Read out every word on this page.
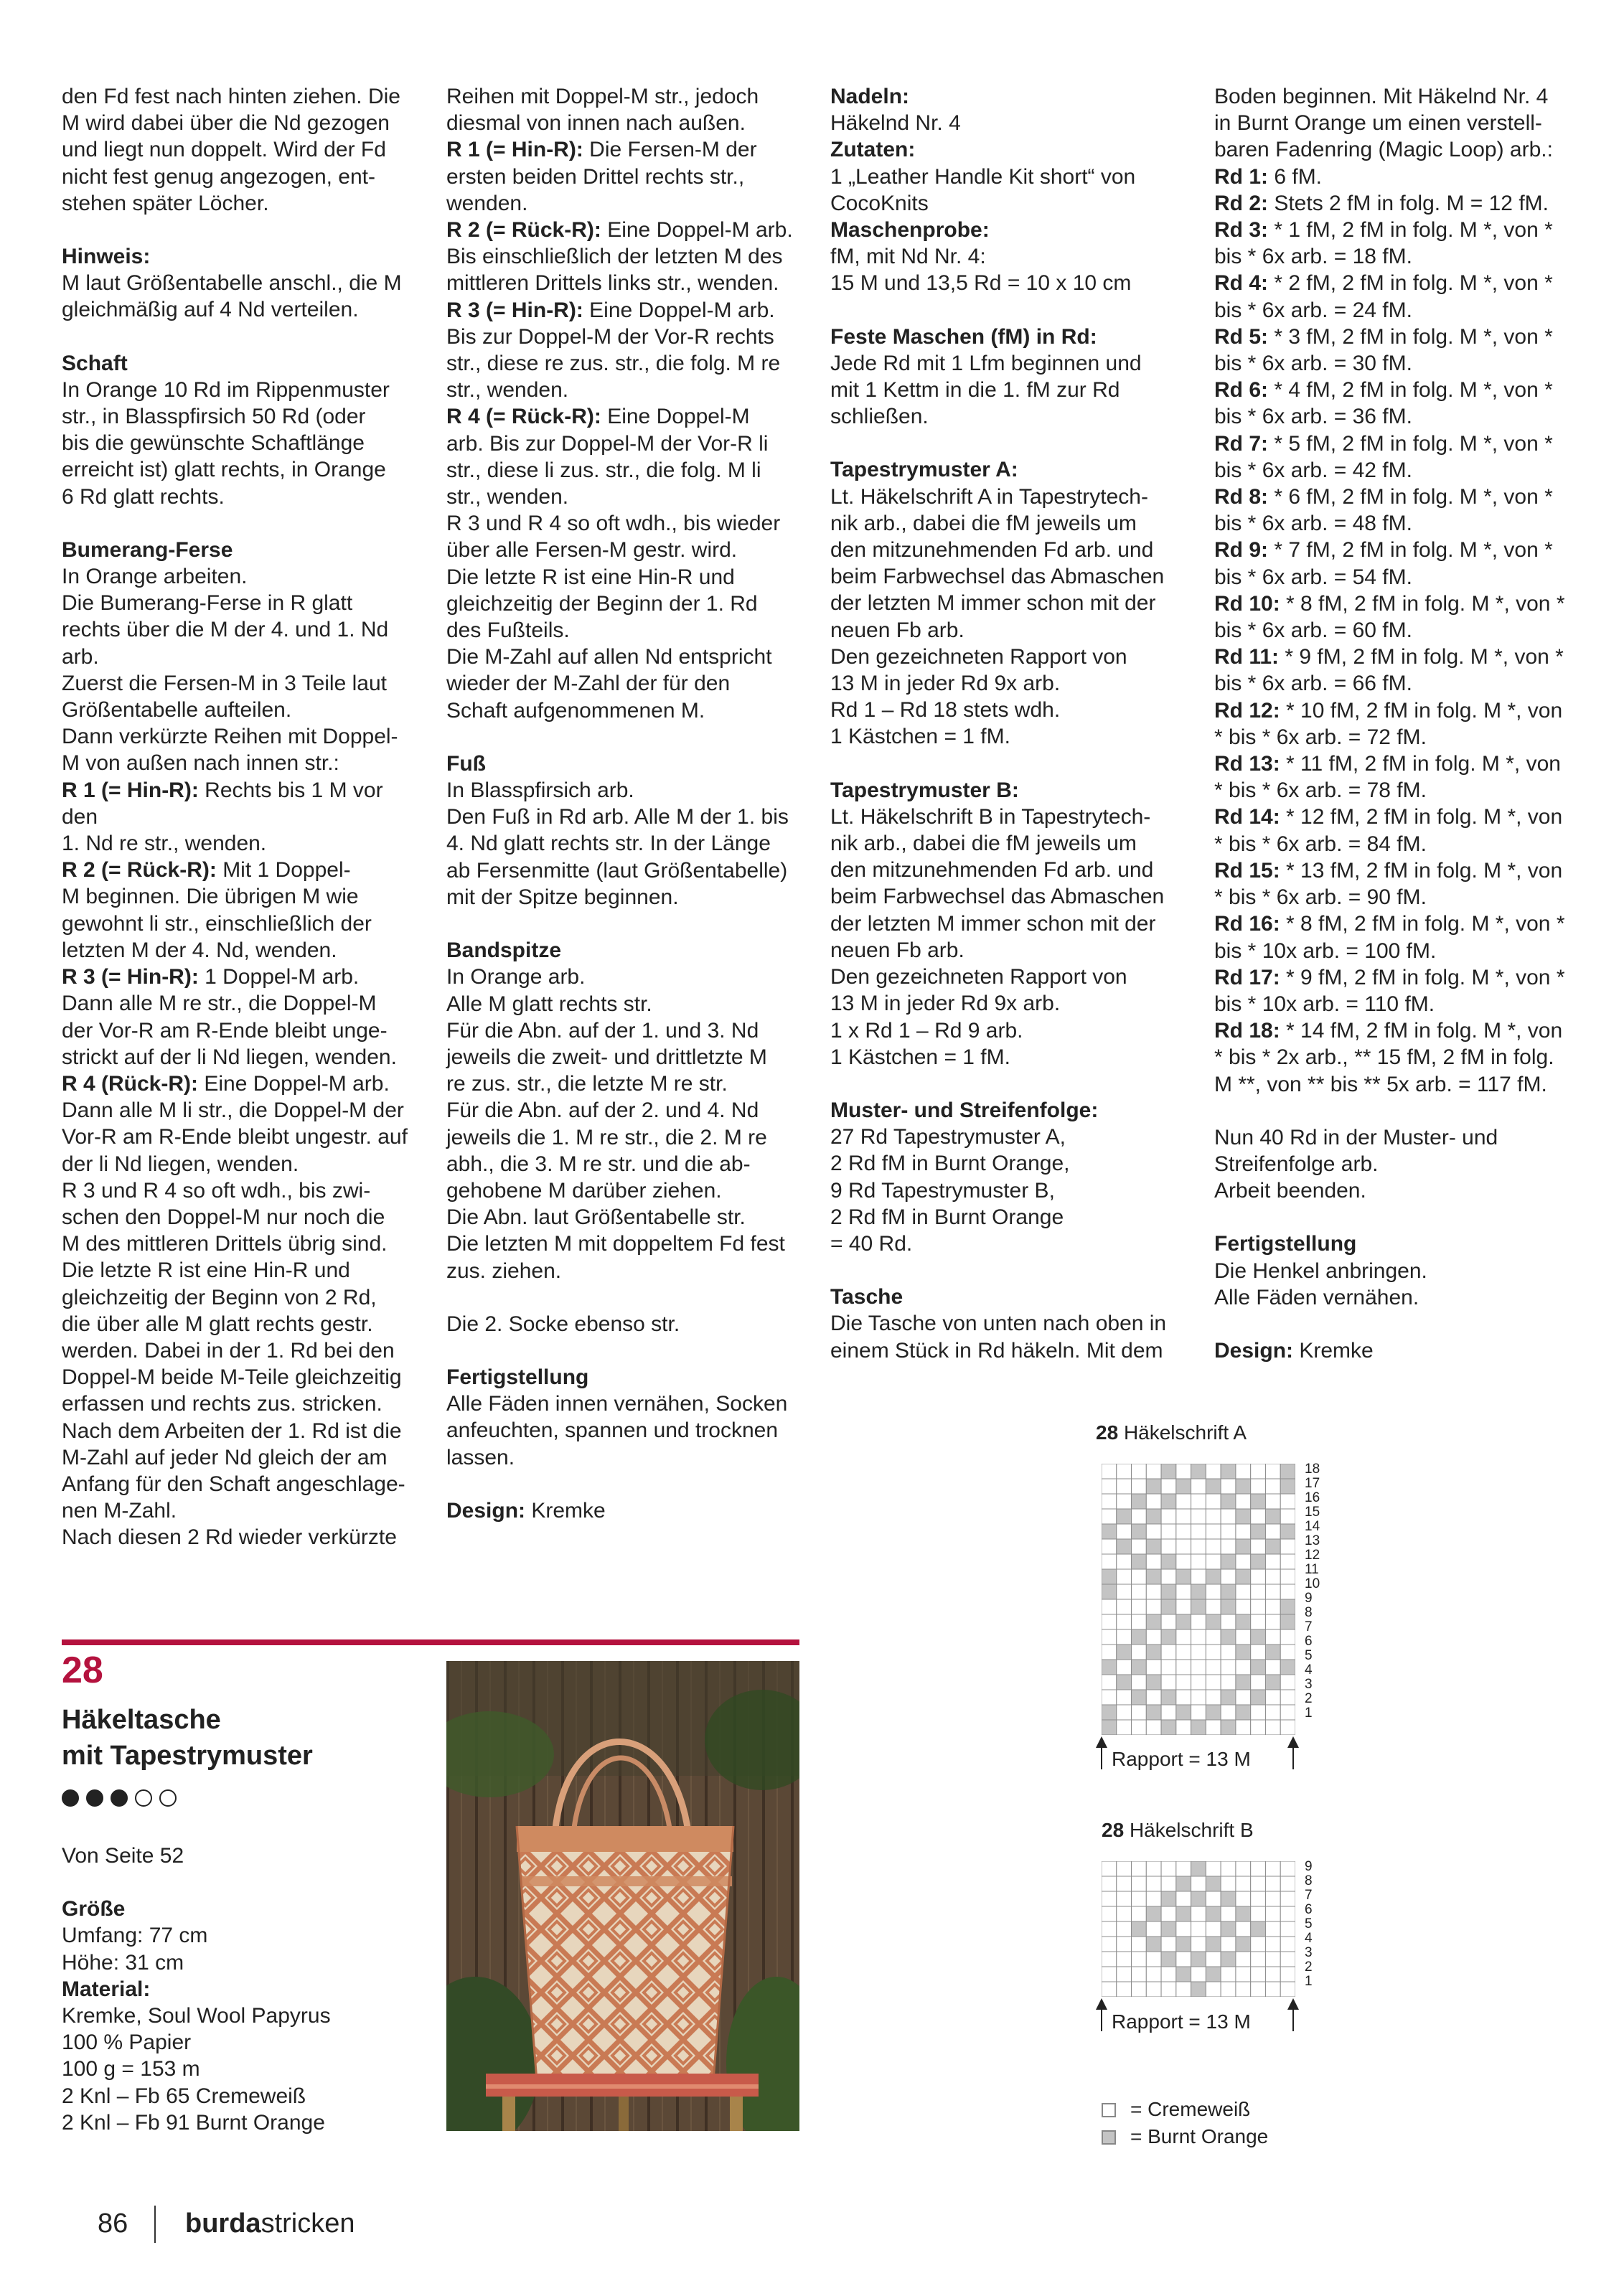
den Fd fest nach hinten ziehen. Die
M wird dabei über die Nd gezogen
und liegt nun doppelt. Wird der Fd
nicht fest genug angezogen, ent-
stehen später Löcher.
Hinweis:
M laut Größentabelle anschl., die M
gleichmäßig auf 4 Nd verteilen.
Schaft
In Orange 10 Rd im Rippenmuster
str., in Blasspfirsich 50 Rd (oder
bis die gewünschte Schaftlänge
erreicht ist) glatt rechts, in Orange
6 Rd glatt rechts.
Bumerang-Ferse
In Orange arbeiten.
Die Bumerang-Ferse in R glatt
rechts über die M der 4. und 1. Nd
arb.
Zuerst die Fersen-M in 3 Teile laut
Größentabelle aufteilen.
Dann verkürzte Reihen mit Doppel-
M von außen nach innen str.:
R 1 (= Hin-R): Rechts bis 1 M vor den
1. Nd re str., wenden.
R 2 (= Rück-R): Mit 1 Doppel-
M beginnen. Die übrigen M wie
gewohnt li str., einschließlich der
letzten M der 4. Nd, wenden.
R 3 (= Hin-R): 1 Doppel-M arb.
Dann alle M re str., die Doppel-M
der Vor-R am R-Ende bleibt unge-
strickt auf der li Nd liegen, wenden.
R 4 (Rück-R): Eine Doppel-M arb.
Dann alle M li str., die Doppel-M der
Vor-R am R-Ende bleibt ungestr. auf
der li Nd liegen, wenden.
R 3 und R 4 so oft wdh., bis zwi-
schen den Doppel-M nur noch die
M des mittleren Drittels übrig sind.
Die letzte R ist eine Hin-R und
gleichzeitig der Beginn von 2 Rd,
die über alle M glatt rechts gestr.
werden. Dabei in der 1. Rd bei den
Doppel-M beide M-Teile gleichzeitig
erfassen und rechts zus. stricken.
Nach dem Arbeiten der 1. Rd ist die
M-Zahl auf jeder Nd gleich der am
Anfang für den Schaft angeschlage-
nen M-Zahl.
Nach diesen 2 Rd wieder verkürzte
Reihen mit Doppel-M str., jedoch
diesmal von innen nach außen.
R 1 (= Hin-R): Die Fersen-M der
ersten beiden Drittel rechts str.,
wenden.
R 2 (= Rück-R): Eine Doppel-M arb.
Bis einschließlich der letzten M des
mittleren Drittels links str., wenden.
R 3 (= Hin-R): Eine Doppel-M arb.
Bis zur Doppel-M der Vor-R rechts
str., diese re zus. str., die folg. M re
str., wenden.
R 4 (= Rück-R): Eine Doppel-M
arb. Bis zur Doppel-M der Vor-R li
str., diese li zus. str., die folg. M li
str., wenden.
R 3 und R 4 so oft wdh., bis wieder
über alle Fersen-M gestr. wird.
Die letzte R ist eine Hin-R und
gleichzeitig der Beginn der 1. Rd
des Fußteils.
Die M-Zahl auf allen Nd entspricht
wieder der M-Zahl der für den
Schaft aufgenommenen M.
Fuß
In Blasspfirsich arb.
Den Fuß in Rd arb. Alle M der 1. bis
4. Nd glatt rechts str. In der Länge
ab Fersenmitte (laut Größentabelle)
mit der Spitze beginnen.
Bandspitze
In Orange arb.
Alle M glatt rechts str.
Für die Abn. auf der 1. und 3. Nd
jeweils die zweit- und drittletzte M
re zus. str., die letzte M re str.
Für die Abn. auf der 2. und 4. Nd
jeweils die 1. M re str., die 2. M re
abh., die 3. M re str. und die ab-
gehobene M darüber ziehen.
Die Abn. laut Größentabelle str.
Die letzten M mit doppeltem Fd fest
zus. ziehen.
Die 2. Socke ebenso str.
Fertigstellung
Alle Fäden innen vernähen, Socken
anfeuchten, spannen und trocknen
lassen.
Design: Kremke
Nadeln:
Häkelnd Nr. 4
Zutaten:
1 „Leather Handle Kit short“ von
CocoKnits
Maschenprobe:
fM, mit Nd Nr. 4:
15 M und 13,5 Rd = 10 x 10 cm
Feste Maschen (fM) in Rd:
Jede Rd mit 1 Lfm beginnen und
mit 1 Kettm in die 1. fM zur Rd
schließen.
Tapestrymuster A:
Lt. Häkelschrift A in Tapestrytech-
nik arb., dabei die fM jeweils um
den mitzunehmenden Fd arb. und
beim Farbwechsel das Abmaschen
der letzten M immer schon mit der
neuen Fb arb.
Den gezeichneten Rapport von
13 M in jeder Rd 9x arb.
Rd 1 – Rd 18 stets wdh.
1 Kästchen = 1 fM.
Tapestrymuster B:
Lt. Häkelschrift B in Tapestrytech-
nik arb., dabei die fM jeweils um
den mitzunehmenden Fd arb. und
beim Farbwechsel das Abmaschen
der letzten M immer schon mit der
neuen Fb arb.
Den gezeichneten Rapport von
13 M in jeder Rd 9x arb.
1 x Rd 1 – Rd 9 arb.
1 Kästchen = 1 fM.
Muster- und Streifenfolge:
27 Rd Tapestrymuster A,
2 Rd fM in Burnt Orange,
9 Rd Tapestrymuster B,
2 Rd fM in Burnt Orange
= 40 Rd.
Tasche
Die Tasche von unten nach oben in
einem Stück in Rd häkeln. Mit dem
Boden beginnen. Mit Häkelnd Nr. 4
in Burnt Orange um einen verstell-
baren Fadenring (Magic Loop) arb.:
Rd 1: 6 fM.
Rd 2: Stets 2 fM in folg. M = 12 fM.
Rd 3: * 1 fM, 2 fM in folg. M *, von *
bis * 6x arb. = 18 fM.
Rd 4: * 2 fM, 2 fM in folg. M *, von *
bis * 6x arb. = 24 fM.
Rd 5: * 3 fM, 2 fM in folg. M *, von *
bis * 6x arb. = 30 fM.
Rd 6: * 4 fM, 2 fM in folg. M *, von *
bis * 6x arb. = 36 fM.
Rd 7: * 5 fM, 2 fM in folg. M *, von *
bis * 6x arb. = 42 fM.
Rd 8: * 6 fM, 2 fM in folg. M *, von *
bis * 6x arb. = 48 fM.
Rd 9: * 7 fM, 2 fM in folg. M *, von *
bis * 6x arb. = 54 fM.
Rd 10: * 8 fM, 2 fM in folg. M *, von *
bis * 6x arb. = 60 fM.
Rd 11: * 9 fM, 2 fM in folg. M *, von *
bis * 6x arb. = 66 fM.
Rd 12: * 10 fM, 2 fM in folg. M *, von
* bis * 6x arb. = 72 fM.
Rd 13: * 11 fM, 2 fM in folg. M *, von
* bis * 6x arb. = 78 fM.
Rd 14: * 12 fM, 2 fM in folg. M *, von
* bis * 6x arb. = 84 fM.
Rd 15: * 13 fM, 2 fM in folg. M *, von
* bis * 6x arb. = 90 fM.
Rd 16: * 8 fM, 2 fM in folg. M *, von *
bis * 10x arb. = 100 fM.
Rd 17: * 9 fM, 2 fM in folg. M *, von *
bis * 10x arb. = 110 fM.
Rd 18: * 14 fM, 2 fM in folg. M *, von
* bis * 2x arb., ** 15 fM, 2 fM in folg.
M **, von ** bis ** 5x arb. = 117 fM.
Nun 40 Rd in der Muster- und
Streifenfolge arb.
Arbeit beenden.
Fertigstellung
Die Henkel anbringen.
Alle Fäden vernähen.
Design: Kremke
28
Häkeltasche
mit Tapestrymuster
Von Seite 52
Größe
Umfang: 77 cm
Höhe: 31 cm
Material:
Kremke, Soul Wool Papyrus
100 % Papier
100 g = 153 m
2 Knl – Fb 65 Cremeweiß
2 Knl – Fb 91 Burnt Orange
28 Häkelschrift A
18
17
16
15
14
13
12
11
10
9
8
7
6
5
4
3
2
1
Rapport = 13 M
28 Häkelschrift B
9
8
7
6
5
4
3
2
1
Rapport = 13 M
= Cremeweiß
= Burnt Orange
86 burdastricken
